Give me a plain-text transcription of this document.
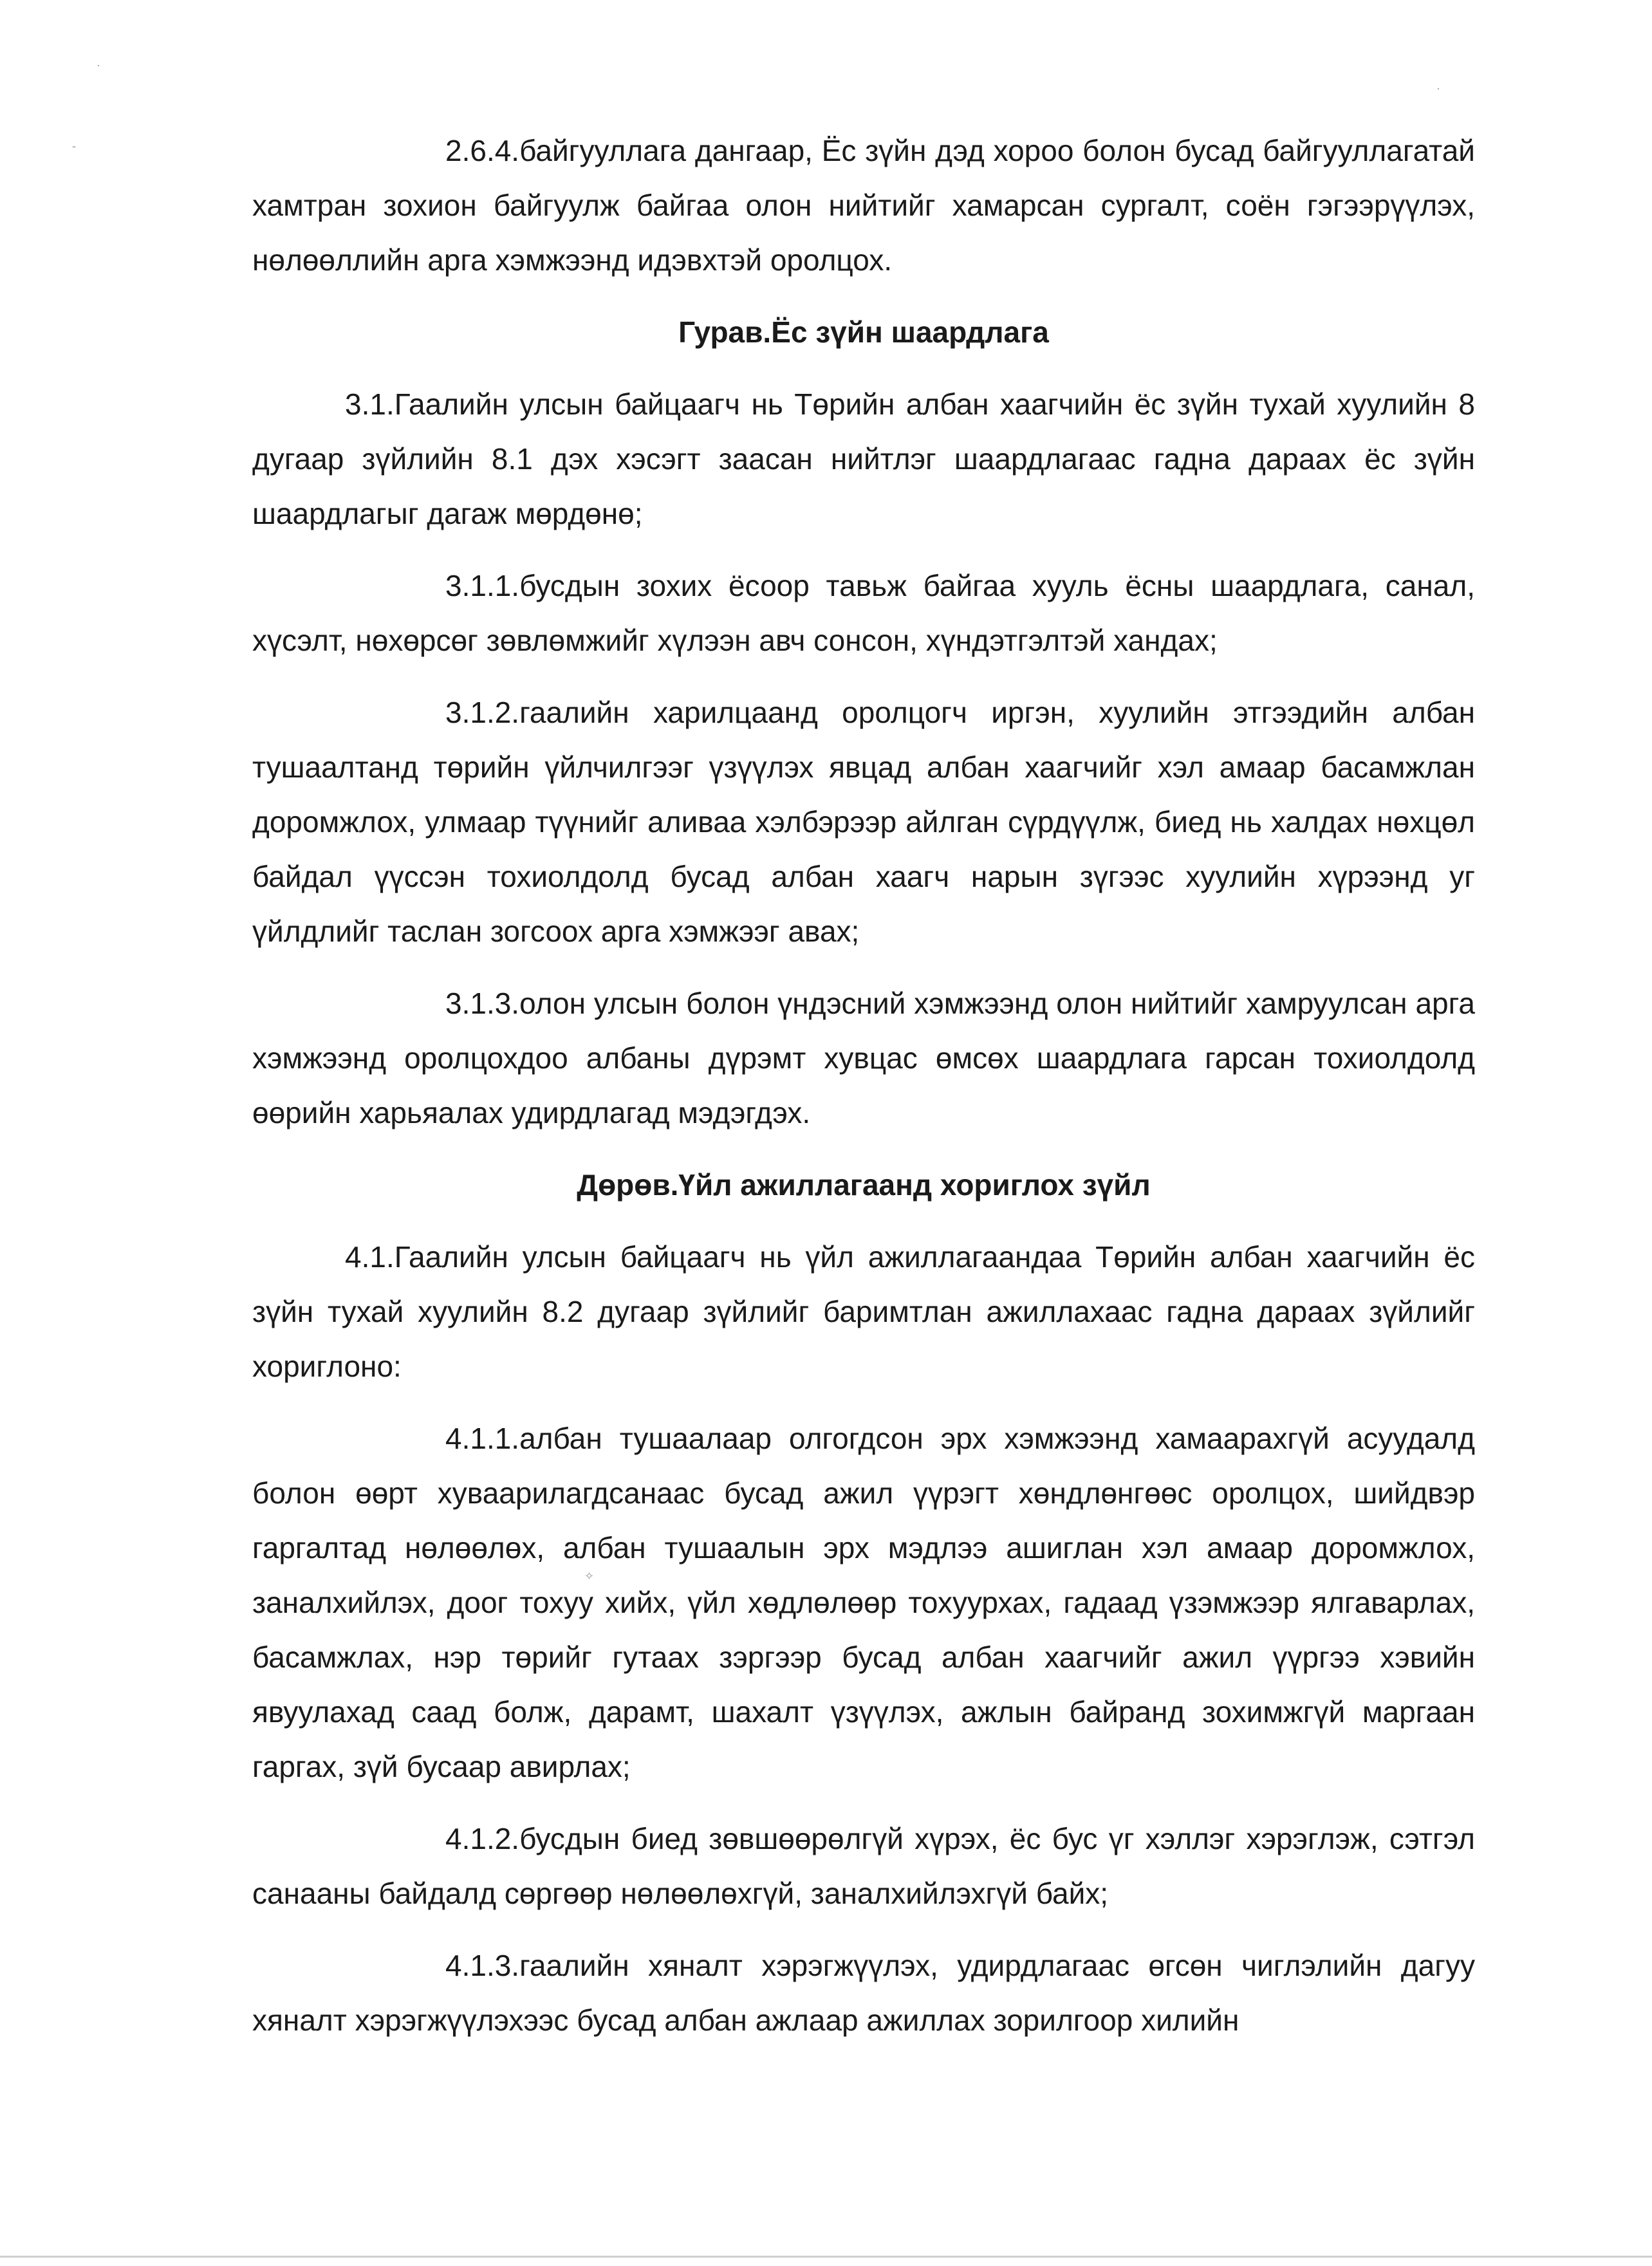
-
·
·
✧

2.6.4.байгууллага дангаар, Ёс зүйн дэд хороо болон бусад байгууллагатай хамтран зохион байгуулж байгаа олон нийтийг хамарсан сургалт, соён гэгээрүүлэх, нөлөөллийн арга хэмжээнд идэвхтэй оролцох.

Гурав.Ёс зүйн шаардлага

3.1.Гаалийн улсын байцаагч нь Төрийн албан хаагчийн ёс зүйн тухай хуулийн 8 дугаар зүйлийн 8.1 дэх хэсэгт заасан нийтлэг шаардлагаас гадна дараах ёс зүйн шаардлагыг дагаж мөрдөнө;

3.1.1.бусдын зохих ёсоор тавьж байгаа хууль ёсны шаардлага, санал, хүсэлт, нөхөрсөг зөвлөмжийг хүлээн авч сонсон, хүндэтгэлтэй хандах;

3.1.2.гаалийн харилцаанд оролцогч иргэн, хуулийн этгээдийн албан тушаалтанд төрийн үйлчилгээг үзүүлэх явцад албан хаагчийг хэл амаар басамжлан доромжлох, улмаар түүнийг аливаа хэлбэрээр айлган сүрдүүлж, биед нь халдах нөхцөл байдал үүссэн тохиолдолд бусад албан хаагч нарын зүгээс хуулийн хүрээнд уг үйлдлийг таслан зогсоох арга хэмжээг авах;

3.1.3.олон улсын болон үндэсний хэмжээнд олон нийтийг хамруулсан арга хэмжээнд оролцохдоо албаны дүрэмт хувцас өмсөх шаардлага гарсан тохиолдолд өөрийн харьяалах удирдлагад мэдэгдэх.

Дөрөв.Үйл ажиллагаанд хориглох зүйл

4.1.Гаалийн улсын байцаагч нь үйл ажиллагаандаа Төрийн албан хаагчийн ёс зүйн тухай хуулийн 8.2 дугаар зүйлийг баримтлан ажиллахаас гадна дараах зүйлийг хориглоно:

4.1.1.албан тушаалаар олгогдсон эрх хэмжээнд хамаарахгүй асуудалд болон өөрт хуваарилагдсанаас бусад ажил үүрэгт хөндлөнгөөс оролцох, шийдвэр гаргалтад нөлөөлөх, албан тушаалын эрх мэдлээ ашиглан хэл амаар доромжлох, заналхийлэх, доог тохуу хийх, үйл хөдлөлөөр тохуурхах, гадаад үзэмжээр ялгаварлах, басамжлах, нэр төрийг гутаах зэргээр бусад албан хаагчийг ажил үүргээ хэвийн явуулахад саад болж, дарамт, шахалт үзүүлэх, ажлын байранд зохимжгүй маргаан гаргах, зүй бусаар авирлах;

4.1.2.бусдын биед зөвшөөрөлгүй хүрэх, ёс бус үг хэллэг хэрэглэж, сэтгэл санааны байдалд сөргөөр нөлөөлөхгүй, заналхийлэхгүй байх;

4.1.3.гаалийн хяналт хэрэгжүүлэх, удирдлагаас өгсөн чиглэлийн дагуу хяналт хэрэгжүүлэхээс бусад албан ажлаар ажиллах зорилгоор хилийн
